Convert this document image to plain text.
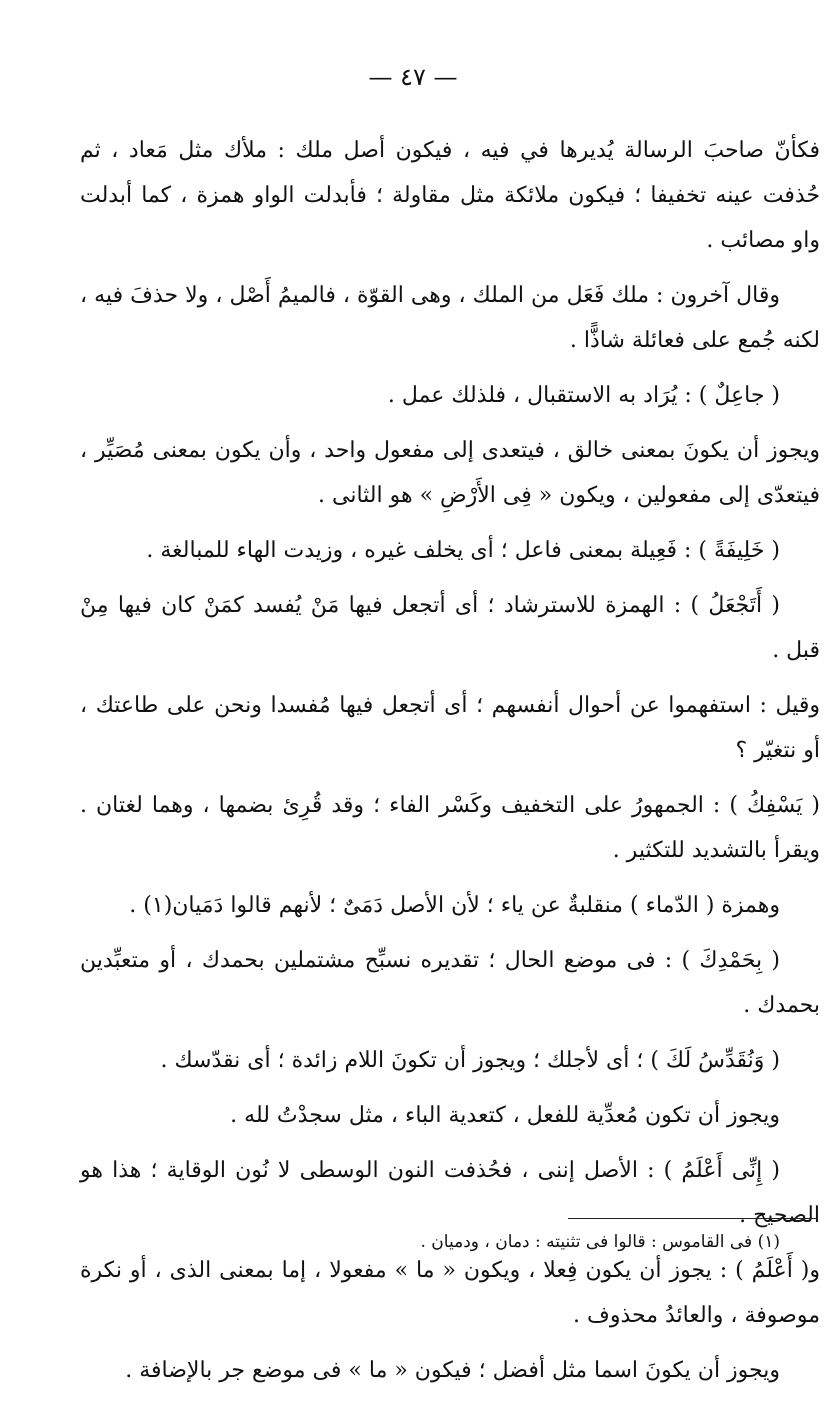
— ٤٧ —

فكأنّ صاحبَ الرسالة يُديرها في فيه ، فيكون أصل ملك : ملأك مثل مَعاد ، ثم حُذفت عينه تخفيفا ؛ فيكون ملائكة مثل مقاولة ؛ فأبدلت الواو همزة ، كما أبدلت واو مصائب .

وقال آخرون : ملك فَعَل من الملك ، وهى القوّة ، فالميمُ أَصْل ، ولا حذفَ فيه ، لكنه جُمع على فعائلة شاذًّا .

( جاعِلٌ ) : يُرَاد به الاستقبال ، فلذلك عمل .

ويجوز أن يكونَ بمعنى خالق ، فيتعدى إلى مفعول واحد ، وأن يكون بمعنى مُصَيِّر ، فيتعدّى إلى مفعولين ، ويكون « فِى الأَرْضِ » هو الثانى .

( خَلِيفَةً ) : فَعِيلة بمعنى فاعل ؛ أى يخلف غيره ، وزيدت الهاء للمبالغة .

( أَتَجْعَلُ ) : الهمزة للاسترشاد ؛ أى أتجعل فيها مَنْ يُفسد كمَنْ كان فيها مِنْ قبل .

وقيل : استفهموا عن أحوال أنفسهم ؛ أى أتجعل فيها مُفسدا ونحن على طاعتك ، أو نتغيّر ؟

( يَسْفِكُ ) : الجمهورُ على التخفيف وكَسْر الفاء ؛ وقد قُرِئ بضمها ، وهما لغتان . ويقرأ بالتشديد للتكثير .

وهمزة ( الدّماء ) منقلبةٌ عن ياء ؛ لأن الأصل دَمَىٌ ؛ لأنهم قالوا دَمَيان(١) .

( بِحَمْدِكَ ) : فى موضع الحال ؛ تقديره نسبِّح مشتملين بحمدك ، أو متعبِّدين بحمدك .

( وَنُقَدِّسُ لَكَ ) ؛ أى لأجلك ؛ ويجوز أن تكونَ اللام زائدة ؛ أى نقدّسك .

ويجوز أن تكون مُعدِّية للفعل ، كتعدية الباء ، مثل سجدْتُ لله .

( إِنِّى أَعْلَمُ ) : الأصل إننى ، فحُذفت النون الوسطى لا نُون الوقاية ؛ هذا هو الصحيح .

و( أَعْلَمُ ) : يجوز أن يكون فِعلا ، ويكون « ما » مفعولا ، إما بمعنى الذى ، أو نكرة موصوفة ، والعائدُ محذوف .

ويجوز أن يكونَ اسما مثل أفضل ؛ فيكون « ما » فى موضع جر بالإضافة .

(١) فى القاموس : قالوا فى تثنيته : دمان ، ودميان .
